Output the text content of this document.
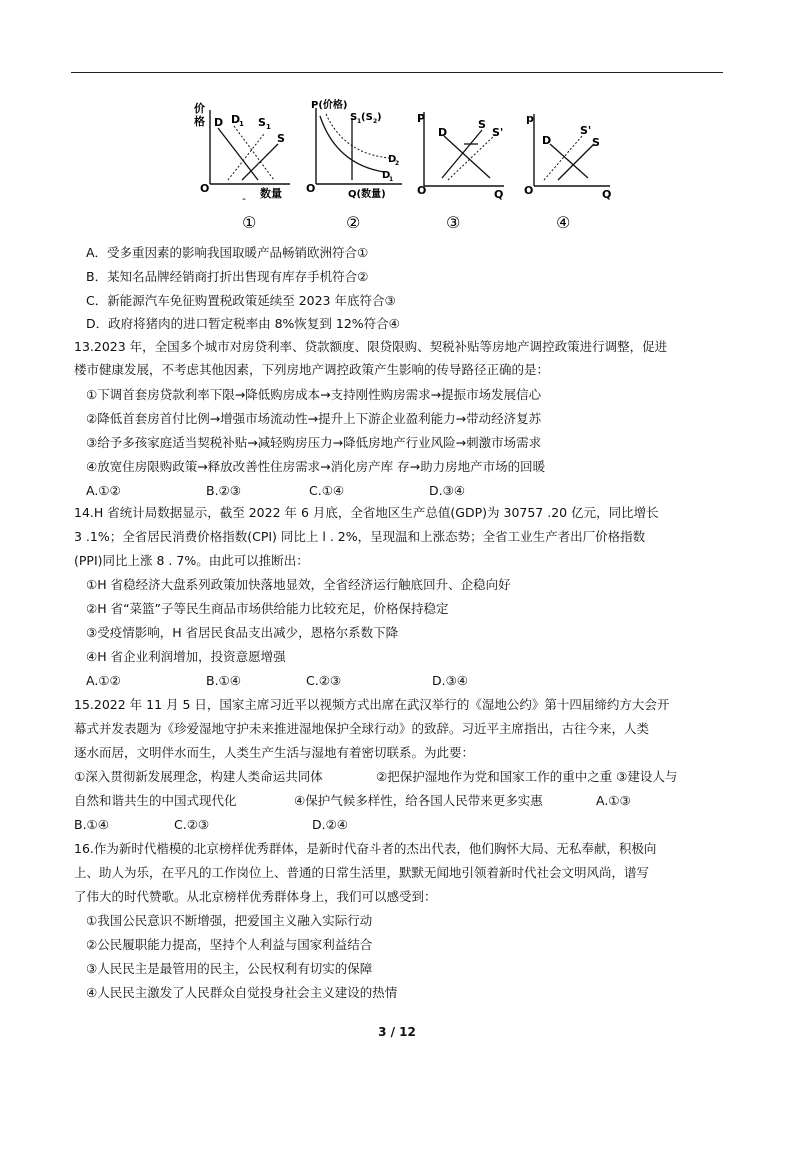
价
格 D D
1 S 1
S
O	数量
-
①
P(价格)
S 1 (S 2 )
D
2
D
1
O	Q(数量)
②
P
D
S
S'
O	Q
③
p
D
S'
S
O	Q
④
A．受多重因素的影响我国取暖产品畅销欧洲符合①
B．某知名品牌经销商打折出售现有库存手机符合②
C．新能源汽车免征购置税政策延续至 2023 年底符合③
D．政府将猪肉的进口暂定税率由 8%恢复到 12%符合④
13.2023 年，全国多个城市对房贷利率、贷款额度、限贷限购、契税补贴等房地产调控政策进行调整，促进
楼市健康发展，不考虑其他因素，下列房地产调控政策产生影响的传导路径正确的是：
①下调首套房贷款利率下限→降低购房成本→支持刚性购房需求→提振市场发展信心
②降低首套房首付比例→增强市场流动性→提升上下游企业盈利能力→带动经济复苏
③给予多孩家庭适当契税补贴→减轻购房压力→降低房地产行业风险→刺激市场需求
④放宽住房限购政策→释放改善性住房需求→消化房产库 存→助力房地产市场的回暖
A.①②	B.②③	C.①④	D.③④
14.H 省统计局数据显示，截至 2022 年 6 月底，全省地区生产总值(GDP)为 30757 .20 亿元，同比增长
3 .1%；全省居民消费价格指数(CPI) 同比上 l . 2%，呈现温和上涨态势；全省工业生产者出厂价格指数
(PPI)同比上涨 8 . 7%。由此可以推断出：
①H 省稳经济大盘系列政策加快落地显效，全省经济运行触底回升、企稳向好
②H 省“菜篮”子等民生商品市场供给能力比较充足，价格保持稳定
③受疫情影响，H 省居民食品支出减少，恩格尔系数下降
④H 省企业利润增加，投资意愿增强
A.①②	B.①④	C.②③	D.③④
15.2022 年 11 月 5 日，国家主席习近平以视频方式出席在武汉举行的《湿地公约》第十四届缔约方大会开
幕式并发表题为《珍爱湿地守护未来推进湿地保护全球行动》的致辞。习近平主席指出，古往今来，人类
逐水而居，文明伴水而生，人类生产生活与湿地有着密切联系。为此要：
①深入贯彻新发展理念，构建人类命运共同体	②把保护湿地作为党和国家工作的重中之重 ③建设人与
自然和谐共生的中国式现代化	④保护气候多样性，给各国人民带来更多实惠	A.①③
B.①④	C.②③	D.②④
16.作为新时代楷模的北京榜样优秀群体，是新时代奋斗者的杰出代表，他们胸怀大局、无私奉献，积极向
上、助人为乐，在平凡的工作岗位上、普通的日常生活里，默默无闻地引领着新时代社会文明风尚，谱写
了伟大的时代赞歌。从北京榜样优秀群体身上，我们可以感受到：
①我国公民意识不断增强，把爱国主义融入实际行动
②公民履职能力提高，坚持个人利益与国家利益结合
③人民民主是最管用的民主，公民权利有切实的保障
④人民民主激发了人民群众自觉投身社会主义建设的热情
3 / 12
